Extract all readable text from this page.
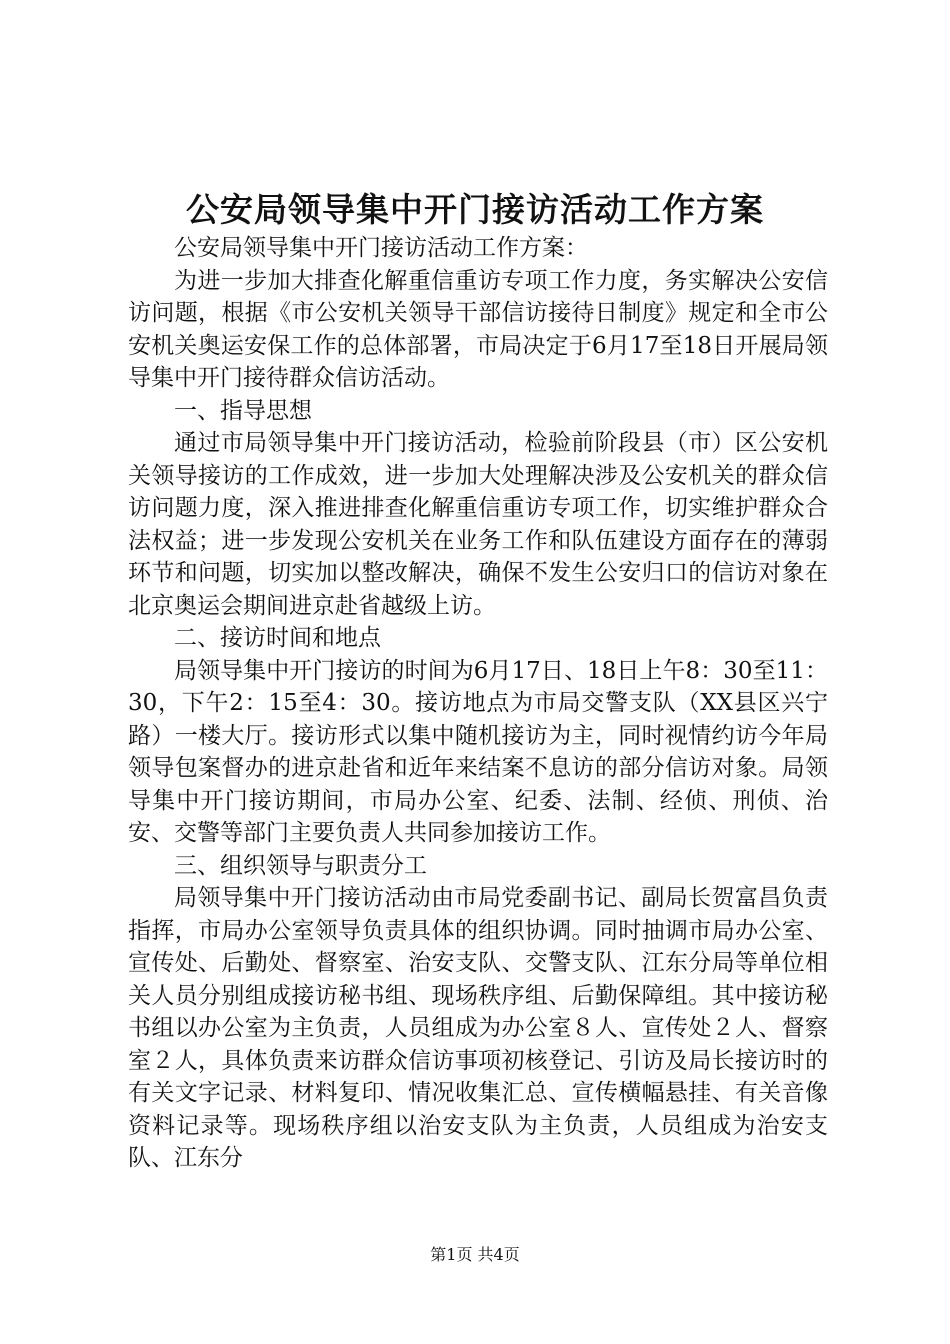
公安局领导集中开门接访活动工作方案

公安局领导集中开门接访活动工作方案：

为进一步加大排查化解重信重访专项工作力度，务实解决公安信访问题，根据《市公安机关领导干部信访接待日制度》规定和全市公安机关奥运安保工作的总体部署，市局决定于6月17至18日开展局领导集中开门接待群众信访活动。

一、指导思想

通过市局领导集中开门接访活动，检验前阶段县（市）区公安机关领导接访的工作成效，进一步加大处理解决涉及公安机关的群众信访问题力度，深入推进排查化解重信重访专项工作，切实维护群众合法权益；进一步发现公安机关在业务工作和队伍建设方面存在的薄弱环节和问题，切实加以整改解决，确保不发生公安归口的信访对象在北京奥运会期间进京赴省越级上访。

二、接访时间和地点

局领导集中开门接访的时间为6月17日、18日上午8：30至11：30，下午2：15至4：30。接访地点为市局交警支队（XX县区兴宁路）一楼大厅。接访形式以集中随机接访为主，同时视情约访今年局领导包案督办的进京赴省和近年来结案不息访的部分信访对象。局领导集中开门接访期间，市局办公室、纪委、法制、经侦、刑侦、治安、交警等部门主要负责人共同参加接访工作。

三、组织领导与职责分工

局领导集中开门接访活动由市局党委副书记、副局长贺富昌负责指挥，市局办公室领导负责具体的组织协调。同时抽调市局办公室、宣传处、后勤处、督察室、治安支队、交警支队、江东分局等单位相关人员分别组成接访秘书组、现场秩序组、后勤保障组。其中接访秘书组以办公室为主负责，人员组成为办公室８人、宣传处２人、督察室２人，具体负责来访群众信访事项初核登记、引访及局长接访时的有关文字记录、材料复印、情况收集汇总、宣传横幅悬挂、有关音像资料记录等。现场秩序组以治安支队为主负责，人员组成为治安支队、江东分

第1页 共4页
